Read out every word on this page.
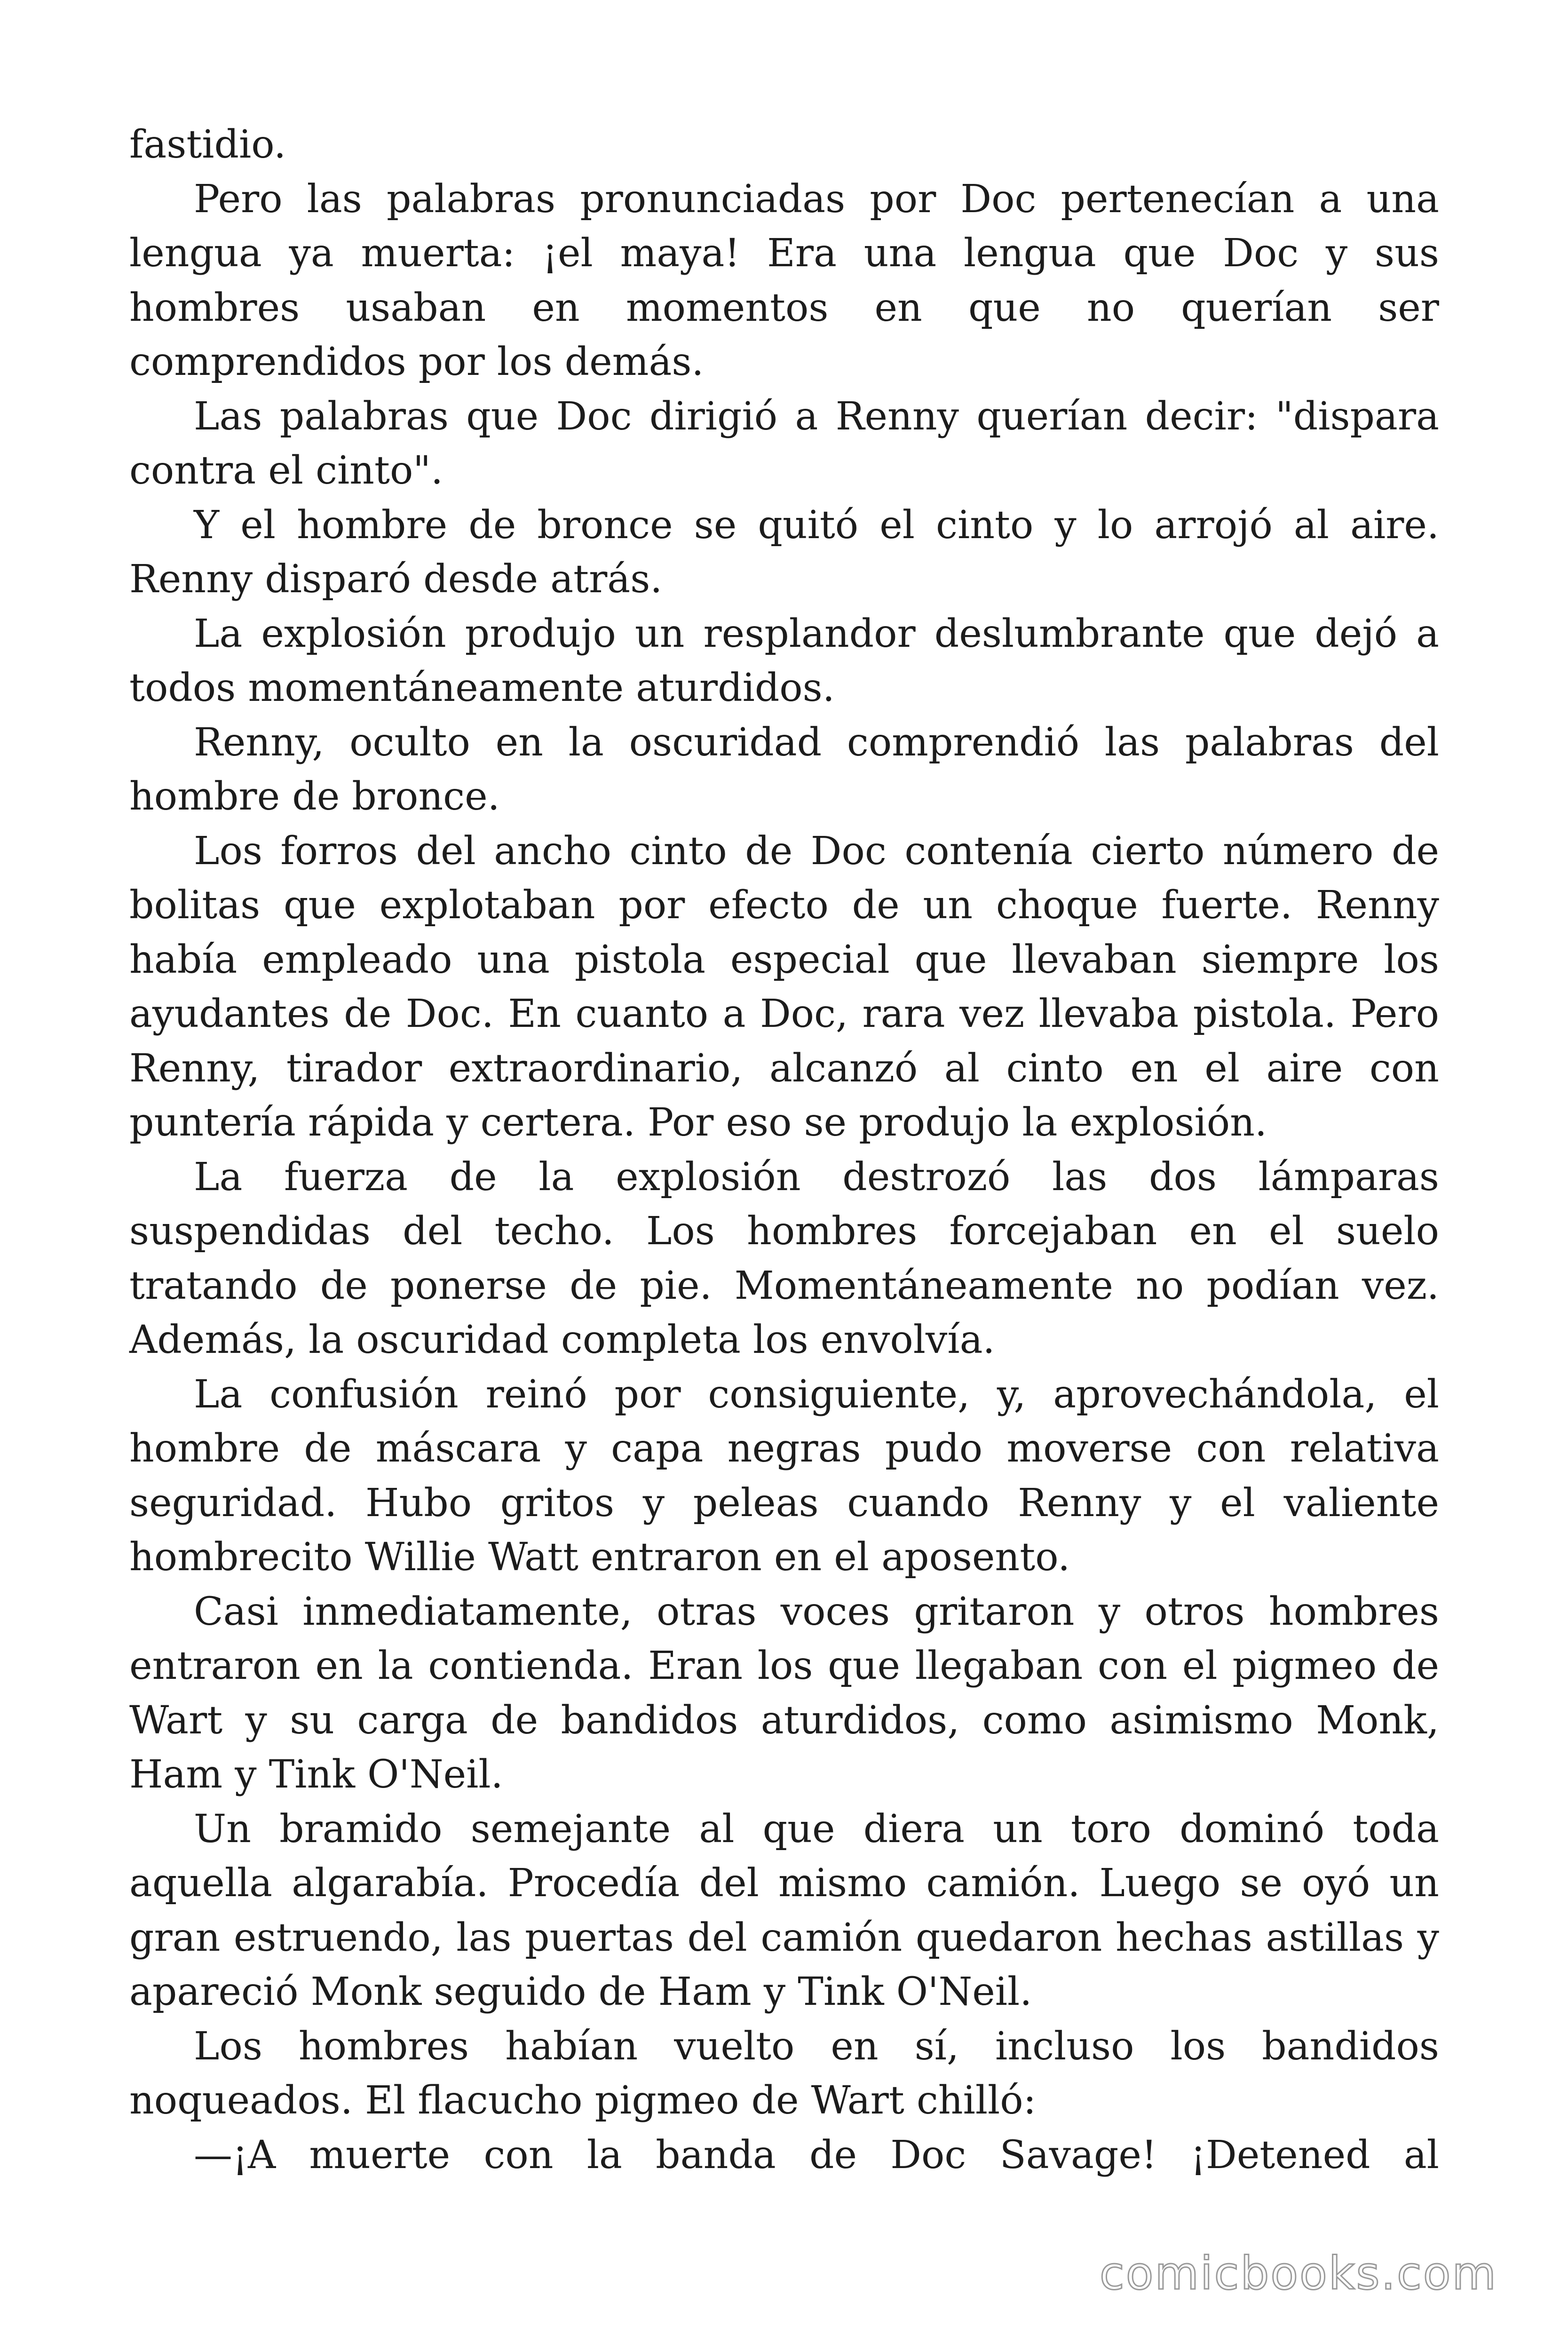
fastidio.

Pero las palabras pronunciadas por Doc pertenecían a una lengua ya muerta: ¡el maya! Era una lengua que Doc y sus hombres usaban en momentos en que no querían ser comprendidos por los demás.

Las palabras que Doc dirigió a Renny querían decir: "dispara contra el cinto".

Y el hombre de bronce se quitó el cinto y lo arrojó al aire. Renny disparó desde atrás.

La explosión produjo un resplandor deslumbrante que dejó a todos momentáneamente aturdidos.

Renny, oculto en la oscuridad comprendió las palabras del hombre de bronce.

Los forros del ancho cinto de Doc contenía cierto número de bolitas que explotaban por efecto de un choque fuerte. Renny había empleado una pistola especial que llevaban siempre los ayudantes de Doc. En cuanto a Doc, rara vez llevaba pistola. Pero Renny, tirador extraordinario, alcanzó al cinto en el aire con puntería rápida y certera. Por eso se produjo la explosión.

La fuerza de la explosión destrozó las dos lámparas suspendidas del techo. Los hombres forcejaban en el suelo tratando de ponerse de pie. Momentáneamente no podían vez. Además, la oscuridad completa los envolvía.

La confusión reinó por consiguiente, y, aprovechándola, el hombre de máscara y capa negras pudo moverse con relativa seguridad. Hubo gritos y peleas cuando Renny y el valiente hombrecito Willie Watt entraron en el aposento.

Casi inmediatamente, otras voces gritaron y otros hombres entraron en la contienda. Eran los que llegaban con el pigmeo de Wart y su carga de bandidos aturdidos, como asimismo Monk, Ham y Tink O'Neil.

Un bramido semejante al que diera un toro dominó toda aquella algarabía. Procedía del mismo camión. Luego se oyó un gran estruendo, las puertas del camión quedaron hechas astillas y apareció Monk seguido de Ham y Tink O'Neil.

Los hombres habían vuelto en sí, incluso los bandidos noqueados. El flacucho pigmeo de Wart chilló:

—¡A muerte con la banda de Doc Savage! ¡Detened al

comicbooks.com
